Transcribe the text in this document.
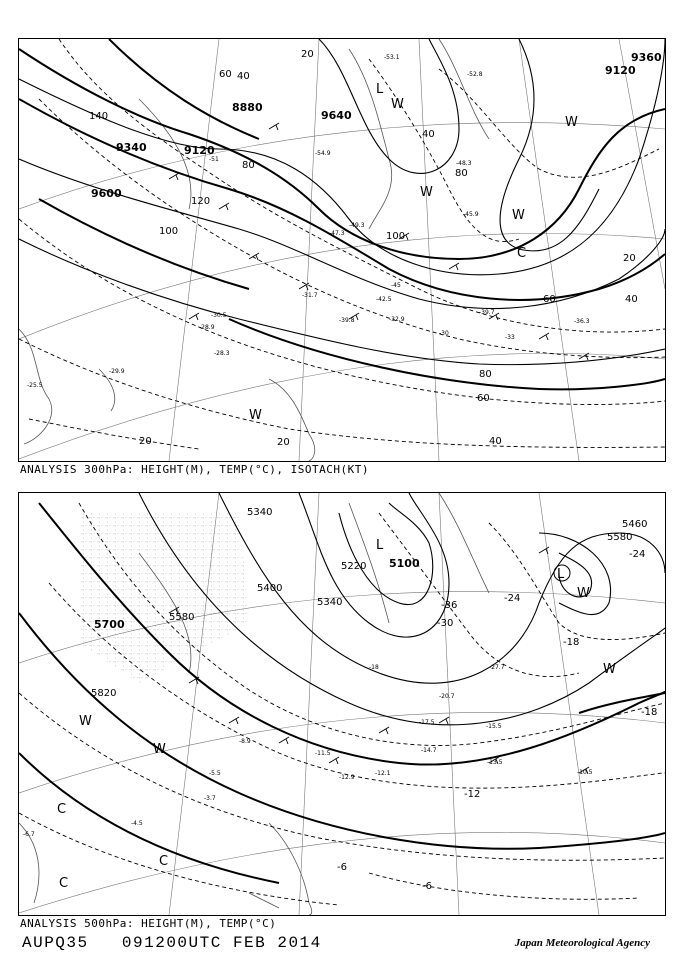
8880
9120
9340
9600
9640
9120
9360
20
40
60
80
100
120
140
40
80
60	40
20
20	40
60
80
100
20
-53.1
-52.8
-51
-54.9
-49.3
-48.3
-47.3
-45.9
-45
-42.5
-39.7
-36.3
-33
-30
-29.9
-28.3
-31.7
-32.9
-39.8
-30.5
-28.9
-25.5
L
W
W
W
W
C
W
ANALYSIS 300hPa: HEIGHT(M), TEMP(°C), ISOTACH(KT)
5340
5220 5100
5400
5340
5580
5700
5820
5460
5580
-36
-30
-24
-18
-12
-6
-6
-24
-18
-18	-27.7
-20.7
-17.5
-15.5
-14.7
-12.1
-13.5
-10.5
-11.5
-12.9
-8.9
-5.5
-3.7
-4.5
-6.7
L
L
W
W
W
W
C
C
C
ANALYSIS 500hPa: HEIGHT(M), TEMP(°C)
AUPQ35 091200UTC FEB 2014	Japan Meteorological Agency
